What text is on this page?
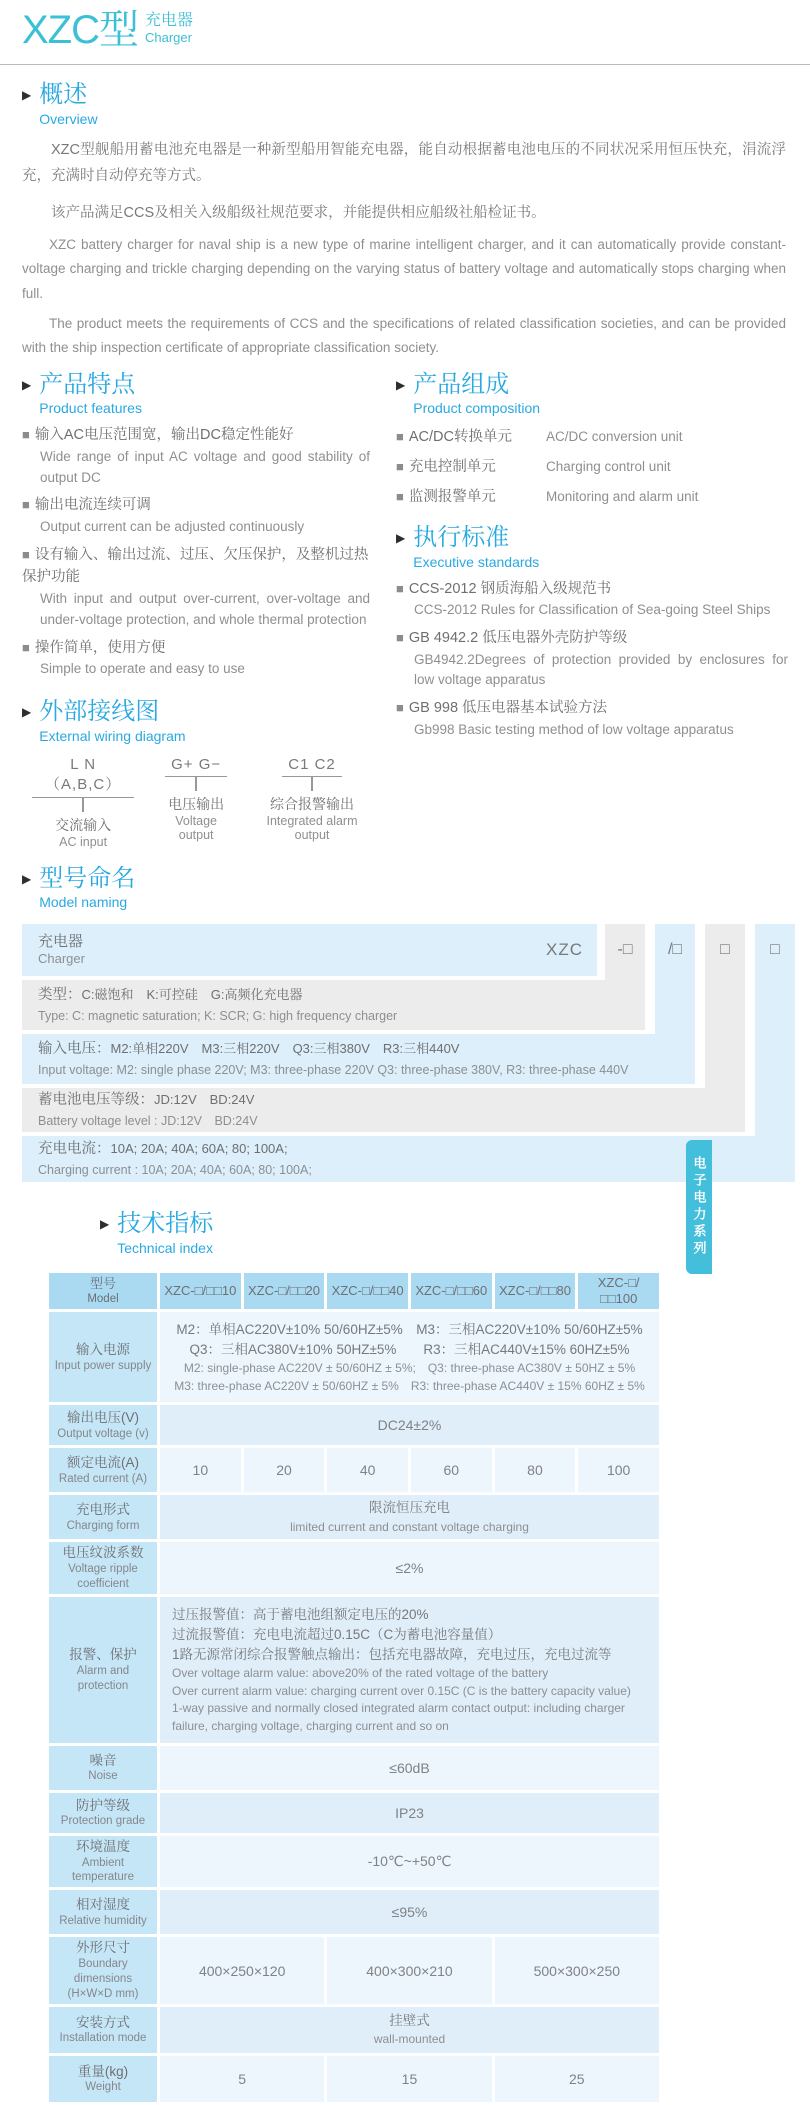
XZC型 充电器
Charger
▶ 概述
Overview

XZC型舰船用蓄电池充电器是一种新型船用智能充电器，能自动根据蓄电池电压的不同状况采用恒压快充，涓流浮充，充满时自动停充等方式。

该产品满足CCS及相关入级船级社规范要求，并能提供相应船级社船检证书。

XZC battery charger for naval ship is a new type of marine intelligent charger, and it can automatically provide constant-voltage charging and trickle charging depending on the varying status of battery voltage and automatically stops charging when full.

The product meets the requirements of CCS and the specifications of related classification societies, and can be provided with the ship inspection certificate of appropriate classification society.

▶ 产品特点
Product features
■ 输入AC电压范围宽，输出DC稳定性能好
Wide range of input AC voltage and good stability of output DC
■ 输出电流连续可调
Output current can be adjusted continuously
■ 设有输入、输出过流、过压、欠压保护，及整机过热保护功能
With input and output over-current, over-voltage and under-voltage protection, and whole thermal protection
■ 操作简单，使用方便
Simple to operate and easy to use
▶ 外部接线图
External wiring diagram
L N（A,B,C）
交流输入
AC input
G+ G−
电压输出
Voltage output
C1 C2
综合报警输出
Integrated alarm output
▶ 产品组成
Product composition
■ AC/DC转换单元	AC/DC conversion unit
■ 充电控制单元	Charging control unit
■ 监测报警单元	Monitoring and alarm unit
▶ 执行标准
Executive standards
■ CCS-2012 钢质海船入级规范书
CCS-2012 Rules for Classification of Sea-going Steel Ships
■ GB 4942.2 低压电器外壳防护等级
GB4942.2Degrees of protection provided by enclosures for low voltage apparatus
■ GB 998 低压电器基本试验方法
Gb998 Basic testing method of low voltage apparatus
▶ 型号命名
Model naming
充电器
Charger	XZC	-□	/□	□	□
类型：C:磁饱和　K:可控硅　G:高频化充电器
Type: C: magnetic saturation; K: SCR; G: high frequency charger
输入电压：M2:单相220V　M3:三相220V　Q3:三相380V　R3:三相440V
Input voltage: M2: single phase 220V; M3: three-phase 220V Q3: three-phase 380V, R3: three-phase 440V
蓄电池电压等级：JD:12V　BD:24V
Battery voltage level : JD:12V　BD:24V
充电电流：10A; 20A; 40A; 60A; 80; 100A;
Charging current : 10A; 20A; 40A; 60A; 80; 100A;
▶ 技术指标
Technical index
型号
Model	XZC-□/□□10	XZC-□/□□20	XZC-□/□□40	XZC-□/□□60	XZC-□/□□80	XZC-□/□□100
输入电源
Input power supply

M2：单相AC220V±10% 50/60HZ±5%　M3：三相AC220V±10% 50/60HZ±5%
Q3：三相AC380V±10% 50HZ±5%　　R3：三相AC440V±15% 60HZ±5%
M2: single-phase AC220V ± 50/60HZ ± 5%;　Q3: three-phase AC380V ± 50HZ ± 5%
M3: three-phase AC220V ± 50/60HZ ± 5%　R3: three-phase AC440V ± 15% 60HZ ± 5%

输出电压(V)
Output voltage (v)	DC24±2%					
额定电流(A)
Rated current (A)	10	20	40	60	80	100
充电形式
Charging form

限流恒压充电
limited current and constant voltage charging

电压纹波系数
Voltage ripple coefficient	≤2%					
报警、保护
Alarm and protection

过压报警值：高于蓄电池组额定电压的20%
过流报警值：充电电流超过0.15C（C为蓄电池容量值）
1路无源常闭综合报警触点输出：包括充电器故障，充电过压，充电过流等
Over voltage alarm value: above20% of the rated voltage of the battery
Over current alarm value: charging current over 0.15C (C is the battery capacity value)
1-way passive and normally closed integrated alarm contact output: including charger failure, charging voltage, charging current and so on

噪音
Noise	≤60dB					
防护等级
Protection grade	IP23					
环境温度
Ambient temperature	-10℃~+50℃					
相对湿度
Relative humidity	≤95%					
外形尺寸
Boundary dimensions
(H×W×D mm)	400×250×120		400×300×210		500×300×250	
安装方式
Installation mode

挂壁式
wall-mounted

重量(kg)
Weight	5		15		25	
电子电力系列
